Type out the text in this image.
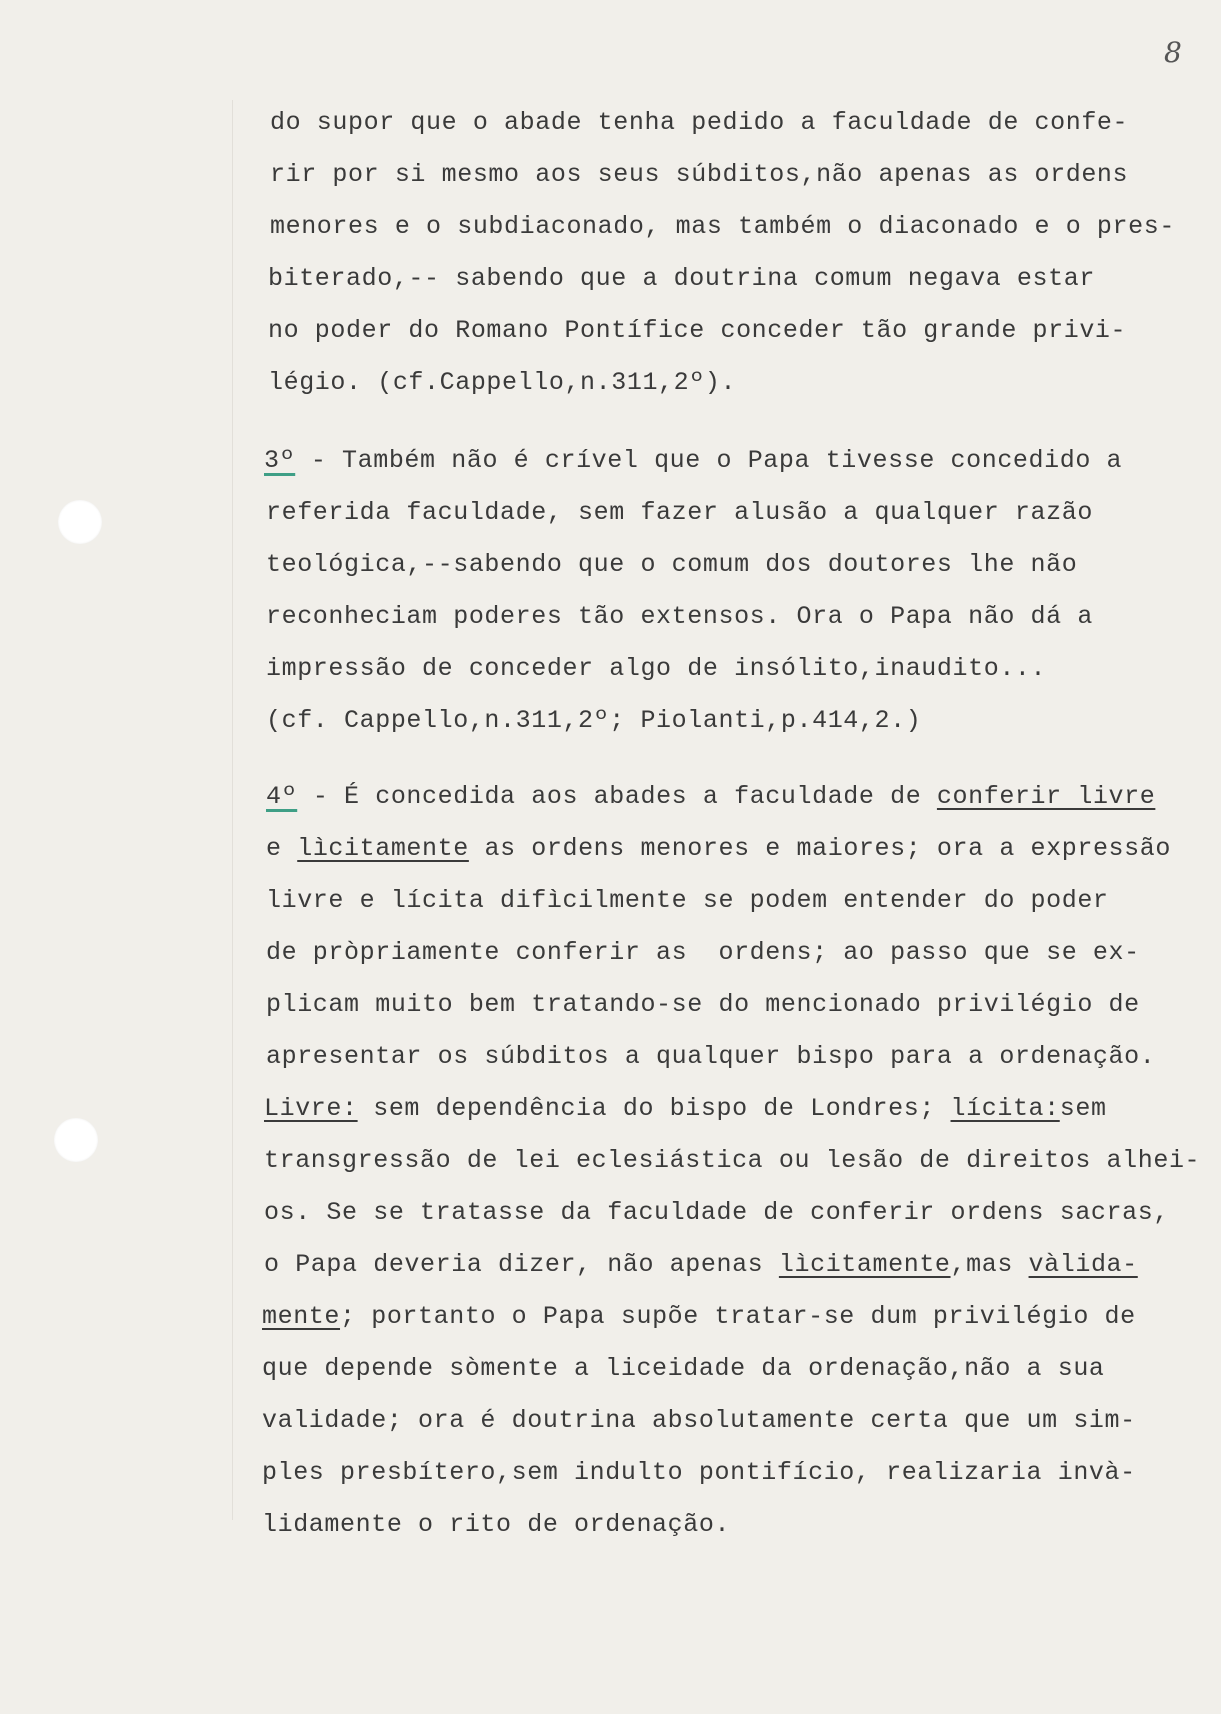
8

do supor que o abade tenha pedido a faculdade de confe-

rir por si mesmo aos seus súbditos,não apenas as ordens

menores e o subdiaconado, mas também o diaconado e o pres-

biterado,-- sabendo que a doutrina comum negava estar

no poder do Romano Pontífice conceder tão grande privi-

légio. (cf.Cappello,n.311,2º).

3º - Também não é crível que o Papa tivesse concedido a

referida faculdade, sem fazer alusão a qualquer razão

teológica,--sabendo que o comum dos doutores lhe não

reconheciam poderes tão extensos. Ora o Papa não dá a

impressão de conceder algo de insólito,inaudito...

(cf. Cappello,n.311,2º; Piolanti,p.414,2.)

4º - É concedida aos abades a faculdade de conferir livre

e lìcitamente as ordens menores e maiores; ora a expressão

livre e lícita difìcilmente se podem entender do poder

de pròpriamente conferir as  ordens; ao passo que se ex-

plicam muito bem tratando-se do mencionado privilégio de

apresentar os súbditos a qualquer bispo para a ordenação.

Livre: sem dependência do bispo de Londres; lícita:sem

transgressão de lei eclesiástica ou lesão de direitos alhei-

os. Se se tratasse da faculdade de conferir ordens sacras,

o Papa deveria dizer, não apenas lìcitamente,mas vàlida-

mente; portanto o Papa supõe tratar-se dum privilégio de

que depende sòmente a liceidade da ordenação,não a sua

validade; ora é doutrina absolutamente certa que um sim-

ples presbítero,sem indulto pontifício, realizaria invà-

lidamente o rito de ordenação.
